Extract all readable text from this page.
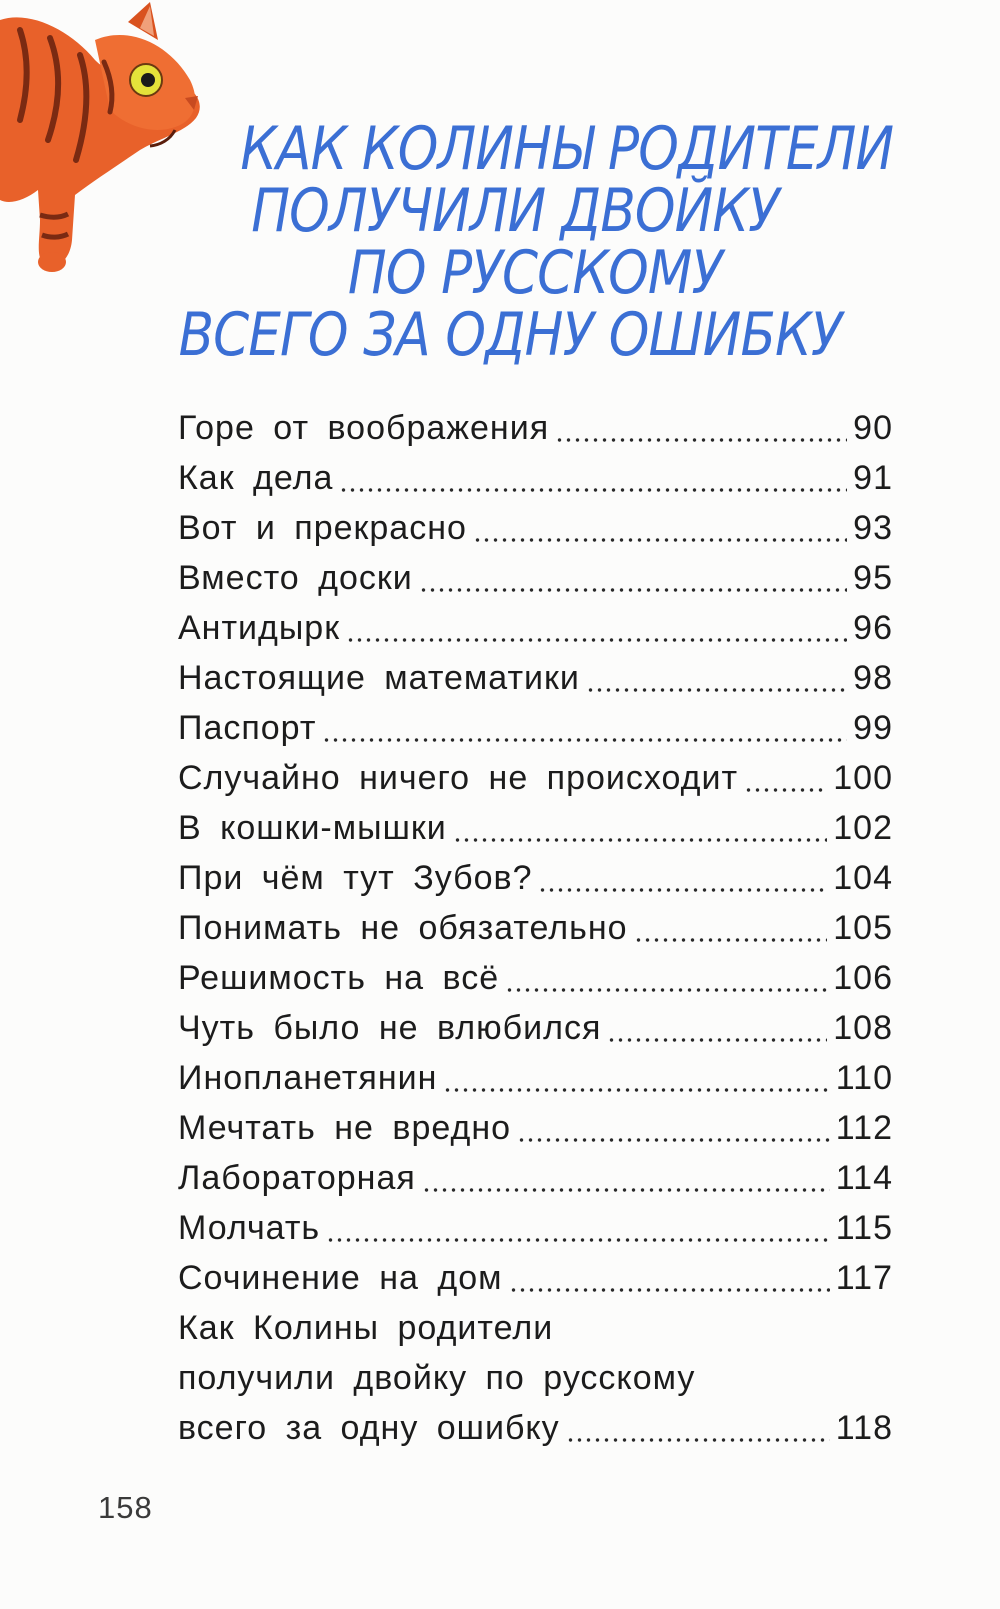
КАК КОЛИНЫ РОДИТЕЛИ
ПОЛУЧИЛИ ДВОЙКУ
ПО РУССКОМУ
ВСЕГО ЗА ОДНУ ОШИБКУ
Горе от воображения	90
Как дела	91
Вот и прекрасно	93
Вместо доски	95
Антидырк	96
Настоящие математики	98
Паспорт	99
Случайно ничего не происходит	100
В кошки-мышки	102
При чём тут Зубов?	104
Понимать не обязательно	105
Решимость на всё	106
Чуть было не влюбился	108
Инопланетянин	110
Мечтать не вредно	112
Лабораторная	114
Молчать	115
Сочинение на дом	117
Как Колины родители
получили двойку по русскому
всего за одну ошибку	118
158
